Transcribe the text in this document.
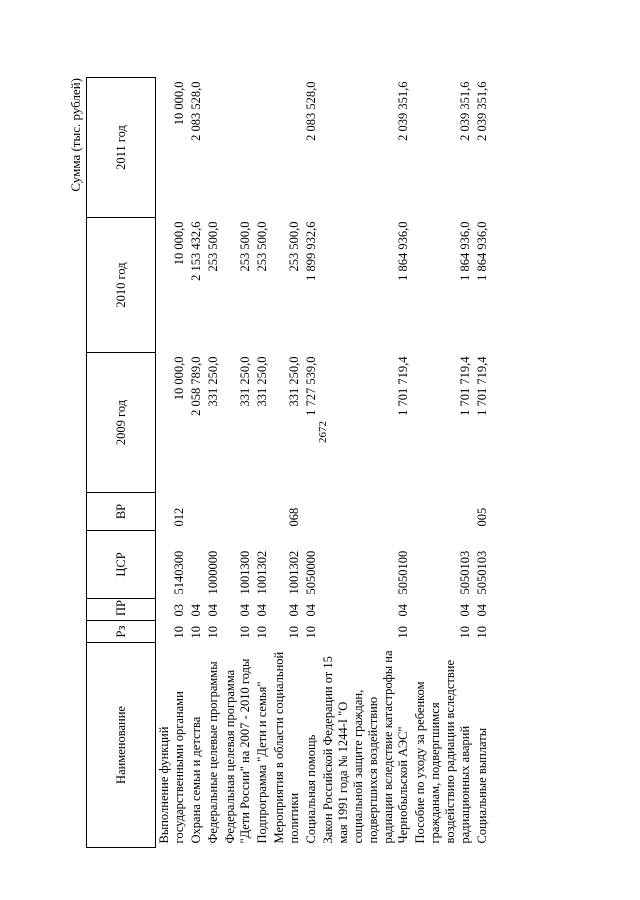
2672
Сумма (тыс. рублей)
Наименование	Рз	ПР	ЦСР	ВР	2009 год	2010 год	2011 год
Выполнение функций государственными органами	10	03	5140300	012	10 000,0	10 000,0	10 000,0
Охрана семьи и детства	10	04			2 058 789,0	2 153 432,6	2 083 528,0
Федеральные целевые программы	10	04	1000000		331 250,0	253 500,0	
Федеральная целевая программа "Дети России" на 2007 - 2010 годы	10	04	1001300		331 250,0	253 500,0	
Подпрограмма "Дети и семья"	10	04	1001302		331 250,0	253 500,0	
Мероприятия в области социальной политики	10	04	1001302	068	331 250,0	253 500,0	
Социальная помощь	10	04	5050000		1 727 539,0	1 899 932,6	2 083 528,0
Закон Российской Федерации от 15 мая 1991 года № 1244-I "О социальной защите граждан, подвергшихся воздействию радиации вследствие катастрофы на Чернобыльской АЭС"	10	04	5050100		1 701 719,4	1 864 936,0	2 039 351,6
Пособие по уходу за ребенком гражданам, подвергшимся воздействию радиации вследствие радиационных аварий	10	04	5050103		1 701 719,4	1 864 936,0	2 039 351,6
Социальные выплаты	10	04	5050103	005	1 701 719,4	1 864 936,0	2 039 351,6
